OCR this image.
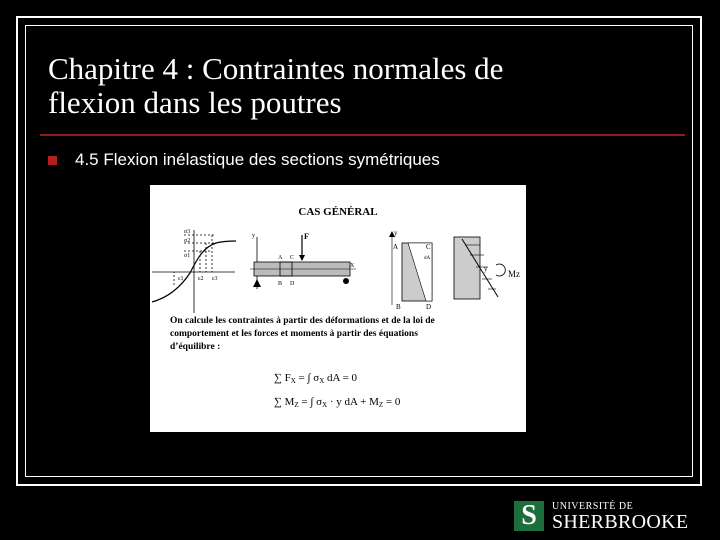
Chapitre 4 : Contraintes normales de
flexion dans les poutres
4.5 Flexion inélastique des sections symétriques
CAS GÉNÉRAL
σ3
σ2
σ1
ε1 ε2 ε3
y	F
A C
X
B D
y
A	C
dA
B	D
y Mz
On calcule les contraintes à partir des déformations et de la loi de
comportement et les forces et moments à partir des équations
d’équilibre :
∑ FX = ∫ σX dA = 0
∑ MZ = ∫ σX · y dA + MZ = 0
S	UNIVERSITÉ DE
SHERBROOKE
